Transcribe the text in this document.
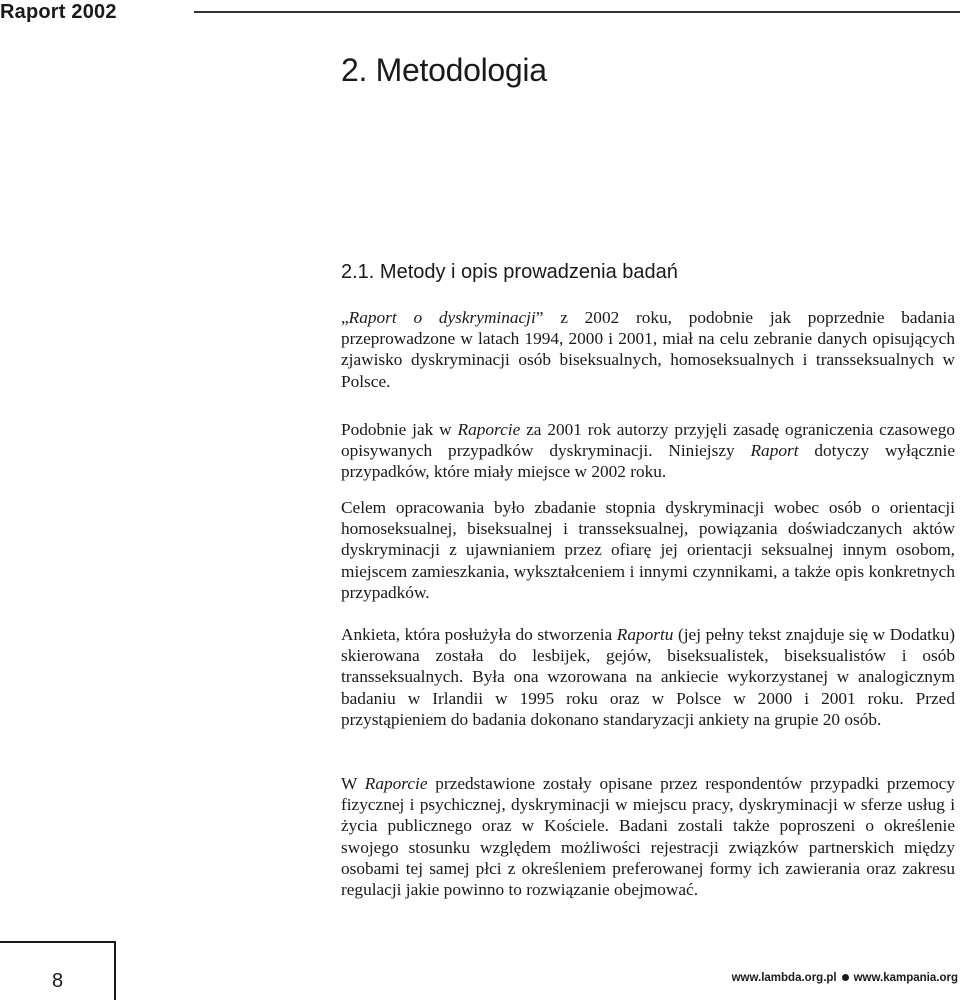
Raport 2002
2. Metodologia
2.1. Metody i opis prowadzenia badań

„Raport o dyskryminacji” z 2002 roku, podobnie jak poprzednie badania przeprowadzone w latach 1994, 2000 i 2001, miał na celu zebranie danych opisujących zjawisko dyskryminacji osób biseksualnych, homoseksualnych i transseksualnych w Polsce.

Podobnie jak w Raporcie za 2001 rok autorzy przyjęli zasadę ograniczenia czasowego opisywanych przypadków dyskryminacji. Niniejszy Raport dotyczy wyłącznie przypadków, które miały miejsce w 2002 roku.

Celem opracowania było zbadanie stopnia dyskryminacji wobec osób o orientacji homoseksualnej, biseksualnej i transseksualnej, powiązania doświadczanych aktów dyskryminacji z ujawnianiem przez ofiarę jej orientacji seksualnej innym osobom, miejscem zamieszkania, wykształceniem i innymi czynnikami, a także opis konkretnych przypadków.

Ankieta, która posłużyła do stworzenia Raportu (jej pełny tekst znajduje się w Dodatku) skierowana została do lesbijek, gejów, biseksualistek, biseksualistów i osób transseksualnych. Była ona wzorowana na ankiecie wykorzystanej w analogicznym badaniu w Irlandii w 1995 roku oraz w Polsce w 2000 i 2001 roku. Przed przystąpieniem do badania dokonano standaryzacji ankiety na grupie 20 osób.

W Raporcie przedstawione zostały opisane przez respondentów przypadki przemocy fizycznej i psychicznej, dyskryminacji w miejscu pracy, dyskryminacji w sferze usług i życia publicznego oraz w Kościele. Badani zostali także poproszeni o określenie swojego stosunku względem możliwości rejestracji związków partnerskich między osobami tej samej płci z określeniem preferowanej formy ich zawierania oraz zakresu regulacji jakie powinno to rozwiązanie obejmować.

8	www.lambda.org.pl www.kampania.org
